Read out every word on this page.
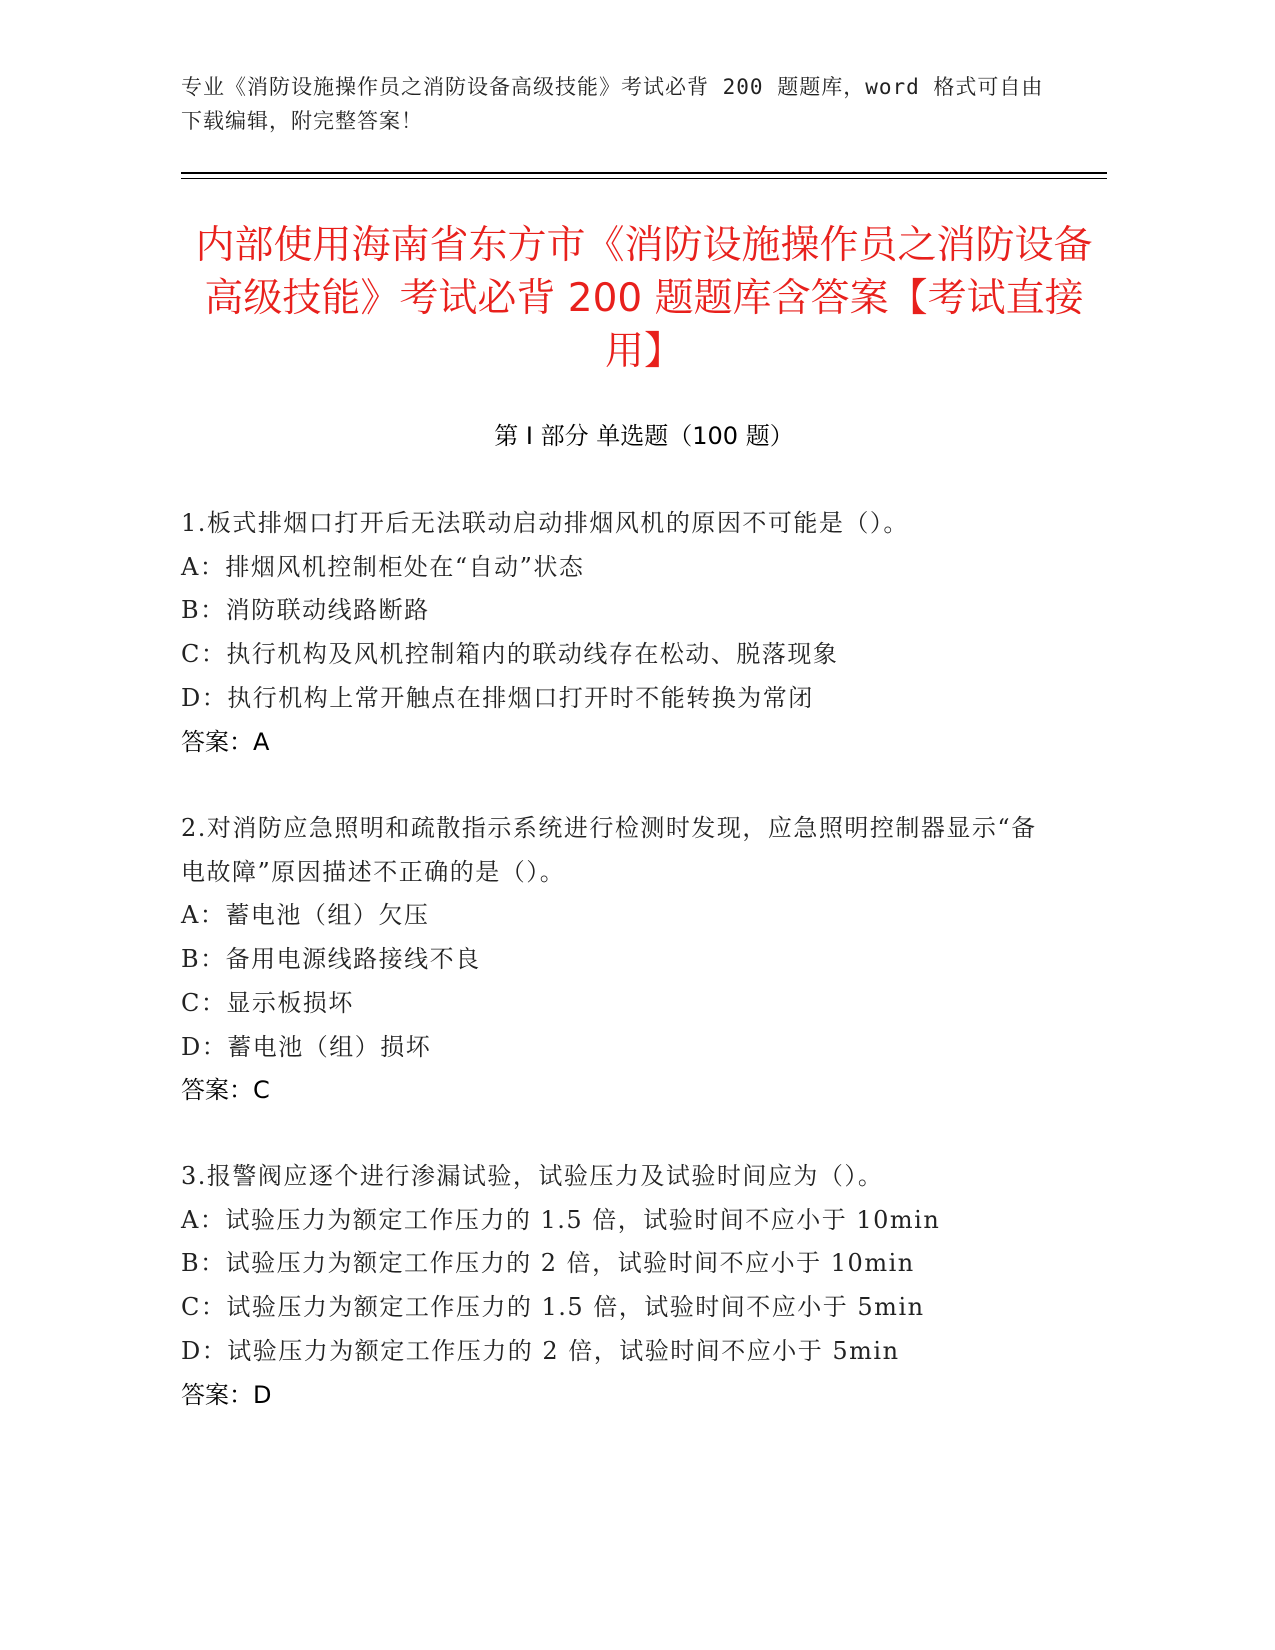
专业《消防设施操作员之消防设备高级技能》考试必背 200 题题库，word 格式可自由下载编辑，附完整答案！
内部使用海南省东方市《消防设施操作员之消防设备高级技能》考试必背 200 题题库含答案【考试直接用】
第 I 部分 单选题（100 题）
1.板式排烟口打开后无法联动启动排烟风机的原因不可能是（）。
A：排烟风机控制柜处在“自动”状态
B：消防联动线路断路
C：执行机构及风机控制箱内的联动线存在松动、脱落现象
D：执行机构上常开触点在排烟口打开时不能转换为常闭
答案：A
2.对消防应急照明和疏散指示系统进行检测时发现，应急照明控制器显示“备电故障”原因描述不正确的是（）。
A：蓄电池（组）欠压
B：备用电源线路接线不良
C：显示板损坏
D：蓄电池（组）损坏
答案：C
3.报警阀应逐个进行渗漏试验，试验压力及试验时间应为（）。
A：试验压力为额定工作压力的 1.5 倍，试验时间不应小于 10min
B：试验压力为额定工作压力的 2 倍，试验时间不应小于 10min
C：试验压力为额定工作压力的 1.5 倍，试验时间不应小于 5min
D：试验压力为额定工作压力的 2 倍，试验时间不应小于 5min
答案：D
